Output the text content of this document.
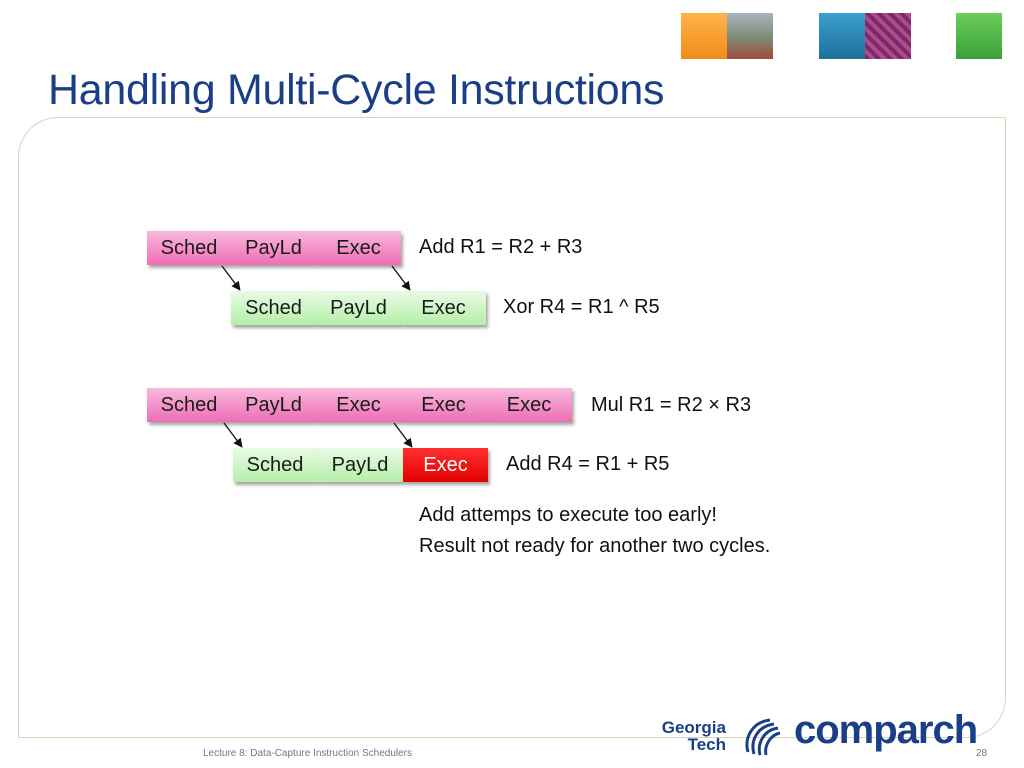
Handling Multi-Cycle Instructions
Sched	PayLd	Exec	Add R1 = R2 + R3
Sched	PayLd	Exec	Xor R4 = R1 ^ R5
Sched	PayLd	Exec	Exec	Exec	Mul R1 = R2 × R3
Sched	PayLd	Exec	Add R4 = R1 + R5
Add attemps to execute too early!
Result not ready for another two cycles.
Georgia
Tech comparch
Lecture 8: Data-Capture Instruction Schedulers	28
